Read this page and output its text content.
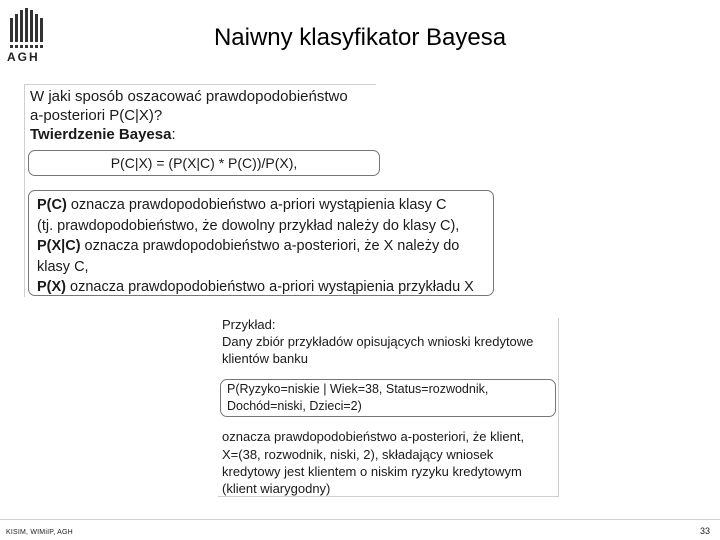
AGH
Naiwny klasyfikator Bayesa
W jaki sposób oszacować prawdopodobieństwo
a-posteriori P(C|X)?
Twierdzenie Bayesa:
P(C|X) = (P(X|C) * P(C))/P(X),
P(C) oznacza prawdopodobieństwo a-priori wystąpienia klasy C
(tj. prawdopodobieństwo, że dowolny przykład należy do klasy C),
P(X|C) oznacza prawdopodobieństwo a-posteriori, że X należy do
klasy C,
P(X) oznacza prawdopodobieństwo a-priori wystąpienia przykładu X
Przykład:
Dany zbiór przykładów opisujących wnioski kredytowe
klientów banku
P(Ryzyko=niskie | Wiek=38, Status=rozwodnik,
Dochód=niski, Dzieci=2)
oznacza prawdopodobieństwo a-posteriori, że klient,
X=(38, rozwodnik, niski, 2), składający wniosek
kredytowy jest klientem o niskim ryzyku kredytowym
(klient wiarygodny)
KISIM, WIMiIP, AGH	33
